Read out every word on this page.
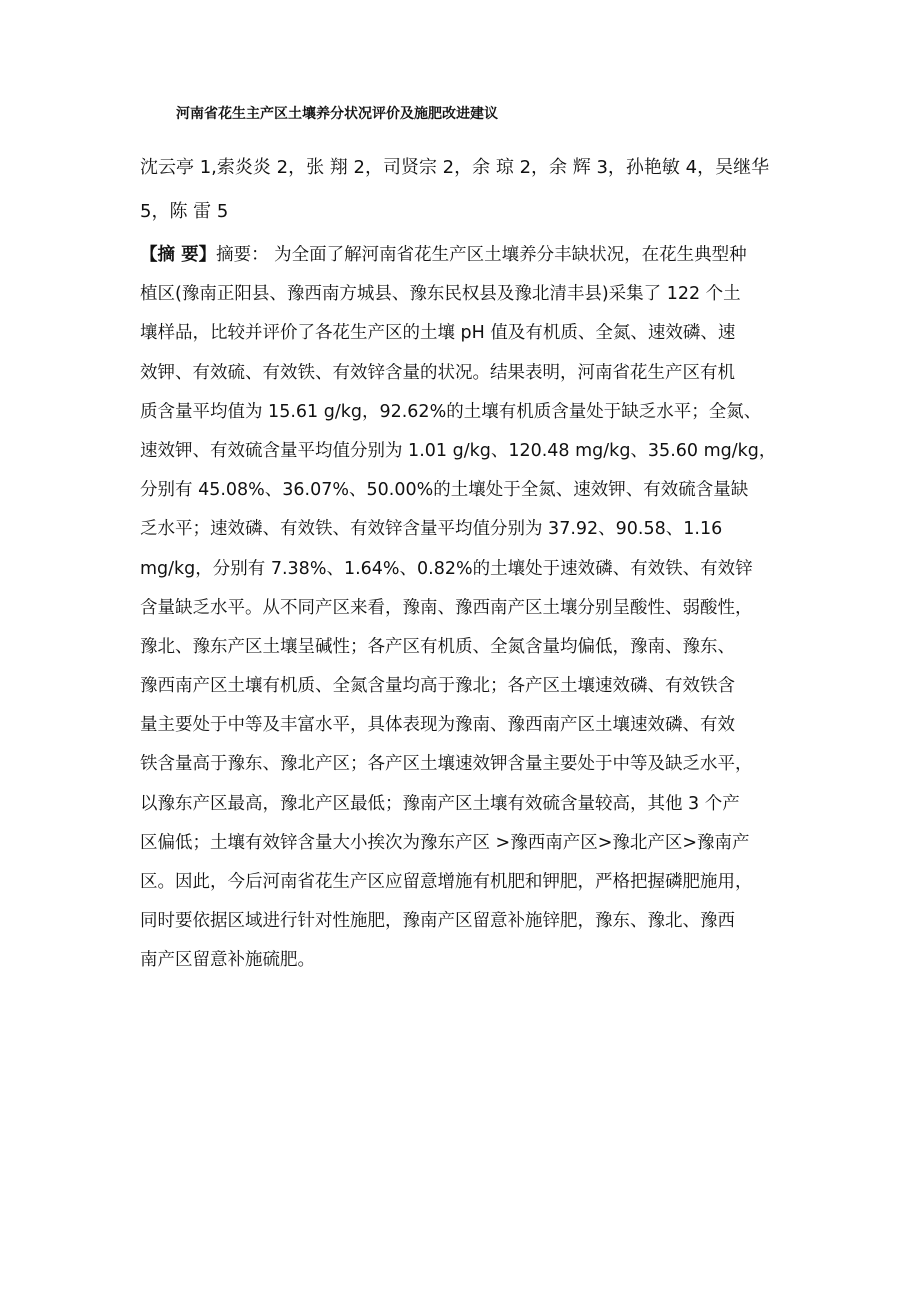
河南省花生主产区土壤养分状况评价及施肥改进建议
沈云亭 1,索炎炎 2，张 翔 2，司贤宗 2，余 琼 2，余 辉 3，孙艳敏 4，吴继华
5，陈 雷 5
【摘 要】摘要： 为全面了解河南省花生产区土壤养分丰缺状况，在花生典型种
植区(豫南正阳县、豫西南方城县、豫东民权县及豫北清丰县)采集了 122 个土
壤样品，比较并评价了各花生产区的土壤 pH 值及有机质、全氮、速效磷、速
效钾、有效硫、有效铁、有效锌含量的状况。结果表明，河南省花生产区有机
质含量平均值为 15.61 g/kg，92.62%的土壤有机质含量处于缺乏水平；全氮、
速效钾、有效硫含量平均值分别为 1.01 g/kg、120.48 mg/kg、35.60 mg/kg，
分别有 45.08%、36.07%、50.00%的土壤处于全氮、速效钾、有效硫含量缺
乏水平；速效磷、有效铁、有效锌含量平均值分别为 37.92、90.58、1.16
mg/kg，分别有 7.38%、1.64%、0.82%的土壤处于速效磷、有效铁、有效锌
含量缺乏水平。从不同产区来看，豫南、豫西南产区土壤分别呈酸性、弱酸性，
豫北、豫东产区土壤呈碱性；各产区有机质、全氮含量均偏低，豫南、豫东、
豫西南产区土壤有机质、全氮含量均高于豫北；各产区土壤速效磷、有效铁含
量主要处于中等及丰富水平，具体表现为豫南、豫西南产区土壤速效磷、有效
铁含量高于豫东、豫北产区；各产区土壤速效钾含量主要处于中等及缺乏水平，
以豫东产区最高，豫北产区最低；豫南产区土壤有效硫含量较高，其他 3 个产
区偏低；土壤有效锌含量大小挨次为豫东产区 >豫西南产区>豫北产区>豫南产
区。因此，今后河南省花生产区应留意增施有机肥和钾肥，严格把握磷肥施用，
同时要依据区域进行针对性施肥，豫南产区留意补施锌肥，豫东、豫北、豫西
南产区留意补施硫肥。
